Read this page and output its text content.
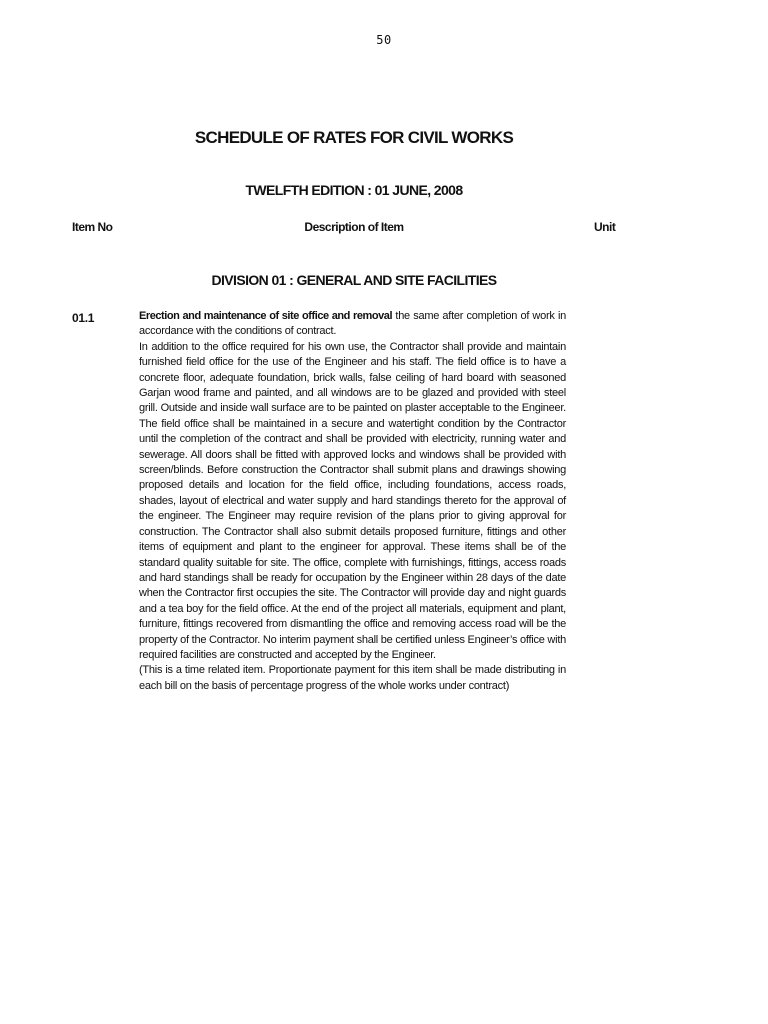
50
SCHEDULE OF RATES FOR CIVIL WORKS
TWELFTH EDITION : 01 JUNE, 2008
Item No	Description of Item	Unit
DIVISION 01 : GENERAL AND SITE FACILITIES
01.1	Erection and maintenance of site office and removal the same after completion of work in accordance with the conditions of contract.

In addition to the office required for his own use, the Contractor shall provide and maintain furnished field office for the use of the Engineer and his staff. The field office is to have a concrete floor, adequate foundation, brick walls, false ceiling of hard board with seasoned Garjan wood frame and painted, and all windows are to be glazed and provided with steel grill. Outside and inside wall surface are to be painted on plaster acceptable to the Engineer. The field office shall be maintained in a secure and watertight condition by the Contractor until the completion of the contract and shall be provided with electricity, running water and sewerage. All doors shall be fitted with approved locks and windows shall be provided with screen/blinds. Before construction the Contractor shall submit plans and drawings showing proposed details and location for the field office, including foundations, access roads, shades, layout of electrical and water supply and hard standings thereto for the approval of the engineer. The Engineer may require revision of the plans prior to giving approval for construction. The Contractor shall also submit details proposed furniture, fittings and other items of equipment and plant to the engineer for approval. These items shall be of the standard quality suitable for site. The office, complete with furnishings, fittings, access roads and hard standings shall be ready for occupation by the Engineer within 28 days of the date when the Contractor first occupies the site. The Contractor will provide day and night guards and a tea boy for the field office. At the end of the project all materials, equipment and plant, furniture, fittings recovered from dismantling the office and removing access road will be the property of the Contractor. No interim payment shall be certified unless Engineer’s office with required facilities are constructed and accepted by the Engineer.

(This is a time related item. Proportionate payment for this item shall be made distributing in each bill on the basis of percentage progress of the whole works under contract)
